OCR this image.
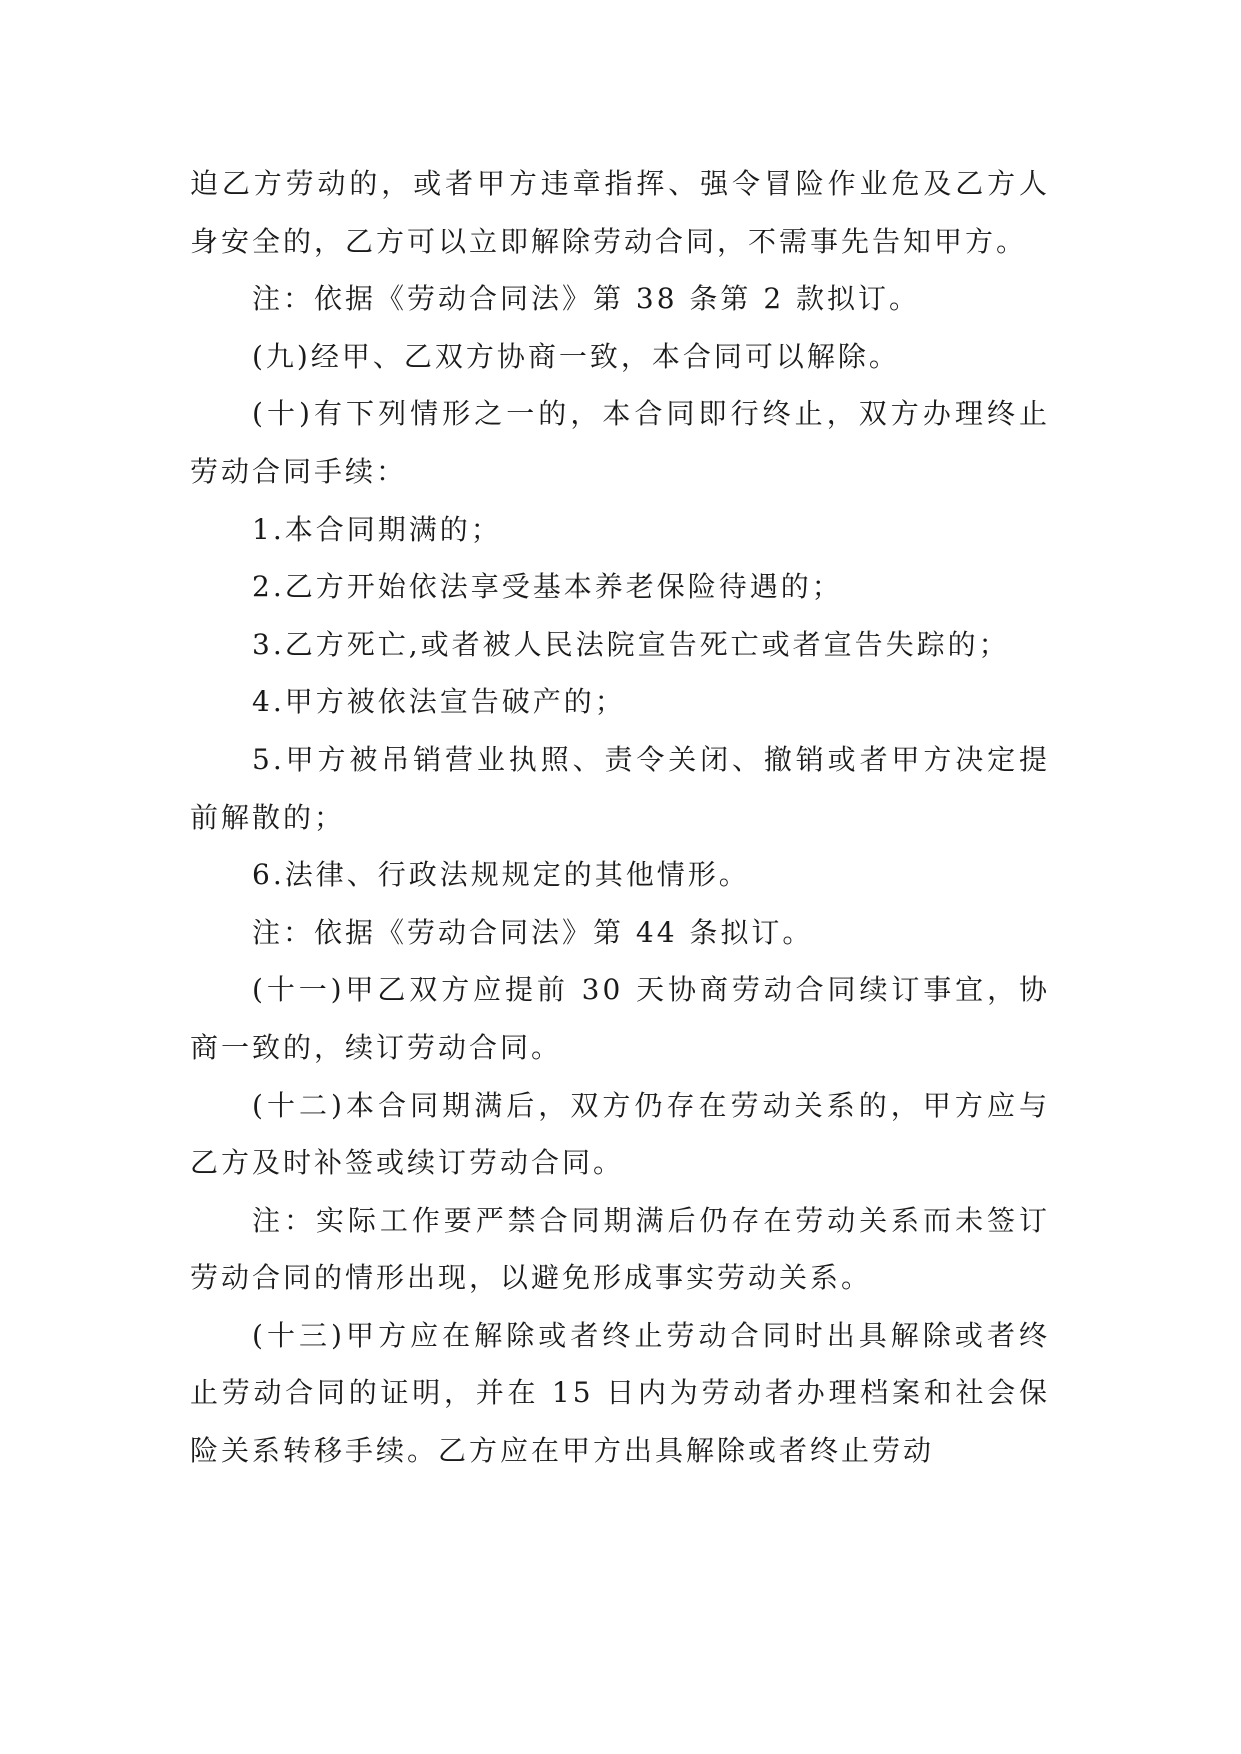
迫乙方劳动的，或者甲方违章指挥、强令冒险作业危及乙方人身安全的，乙方可以立即解除劳动合同，不需事先告知甲方。

注：依据《劳动合同法》第 38 条第 2 款拟订。

(九)经甲、乙双方协商一致，本合同可以解除。

(十)有下列情形之一的，本合同即行终止，双方办理终止劳动合同手续：

1.本合同期满的；

2.乙方开始依法享受基本养老保险待遇的；

3.乙方死亡,或者被人民法院宣告死亡或者宣告失踪的；

4.甲方被依法宣告破产的；

5.甲方被吊销营业执照、责令关闭、撤销或者甲方决定提前解散的；

6.法律、行政法规规定的其他情形。

注：依据《劳动合同法》第 44 条拟订。

(十一)甲乙双方应提前 30 天协商劳动合同续订事宜，协商一致的，续订劳动合同。

(十二)本合同期满后，双方仍存在劳动关系的，甲方应与乙方及时补签或续订劳动合同。

注：实际工作要严禁合同期满后仍存在劳动关系而未签订劳动合同的情形出现，以避免形成事实劳动关系。

(十三)甲方应在解除或者终止劳动合同时出具解除或者终止劳动合同的证明，并在 15 日内为劳动者办理档案和社会保险关系转移手续。乙方应在甲方出具解除或者终止劳动
